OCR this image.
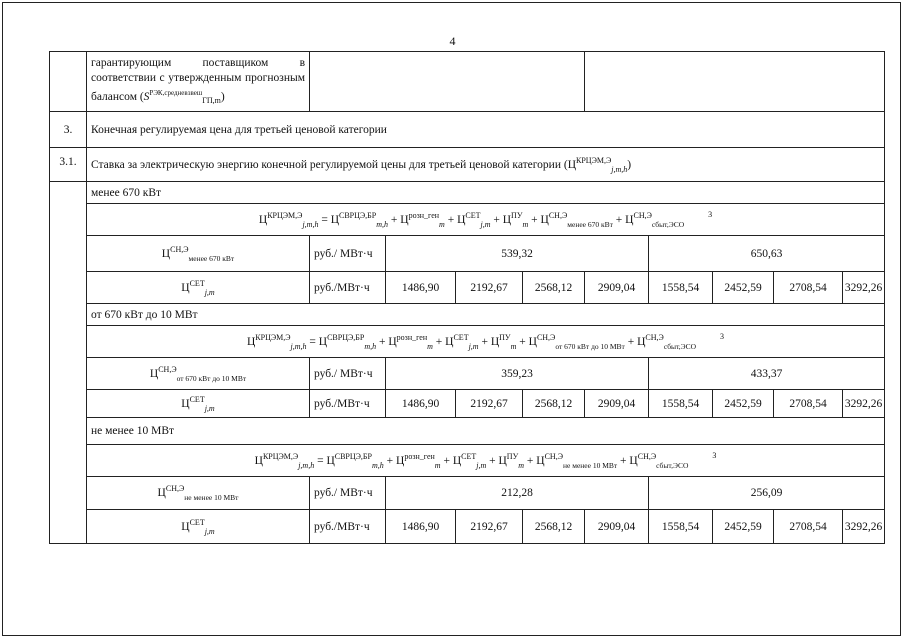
4
	гарантирующим поставщиком в соответствии с утвержденным прогнозным балансом $(S^{РЭК,средневзвеш}_{ГП,m})$									
3.	Конечная регулируемая цена для третьей ценовой категории									
3.1.	Ставка за электрическую энергию конечной регулируемой цены для третьей ценовой категории $(Ц^{КРЦЭМ,Э}_{j,m,h})$									
	менее 670 кВт									
	$Ц^{КРЦЭМ,Э}_{j,m,h} = Ц^{СВРЦЭ,БР}_{m,h} + Ц^{розн\_ген}_m + Ц^{СЕТ}_{j,m} + Ц^{ПУ}_m + Ц^{СН,Э}_{менее 670 кВт} + Ц^{СН,Э}_{сбыт,ЭСО}^3$
	$Ц^{СН,Э}_{менее 670 кВт}$	руб./ МВт·ч	539,32				650,63			
	$Ц^{СЕТ}_{j,m}$	руб./МВт·ч	1486,90	2192,67	2568,12	2909,04	1558,54	2452,59	2708,54	3292,26
	от 670 кВт до 10 МВт									
	$Ц^{КРЦЭМ,Э}_{j,m,h} = Ц^{СВРЦЭ,БР}_{m,h} + Ц^{розн\_ген}_m + Ц^{СЕТ}_{j,m} + Ц^{ПУ}_m + Ц^{СН,Э}_{от 670 кВт до 10 МВт} + Ц^{СН,Э}_{сбыт,ЭСО}^3$
	$Ц^{СН,Э}_{от 670 кВт до 10 МВт}$	руб./ МВт·ч	359,23				433,37			
	$Ц^{СЕТ}_{j,m}$	руб./МВт·ч	1486,90	2192,67	2568,12	2909,04	1558,54	2452,59	2708,54	3292,26
	не менее 10 МВт									
	$Ц^{КРЦЭМ,Э}_{j,m,h} = Ц^{СВРЦЭ,БР}_{m,h} + Ц^{розн\_ген}_m + Ц^{СЕТ}_{j,m} + Ц^{ПУ}_m + Ц^{СН,Э}_{не менее 10 МВт} + Ц^{СН,Э}_{сбыт,ЭСО}^3$
	$Ц^{СН,Э}_{не менее 10 МВт}$	руб./ МВт·ч	212,28				256,09			
	$Ц^{СЕТ}_{j,m}$	руб./МВт·ч	1486,90	2192,67	2568,12	2909,04	1558,54	2452,59	2708,54	3292,26
